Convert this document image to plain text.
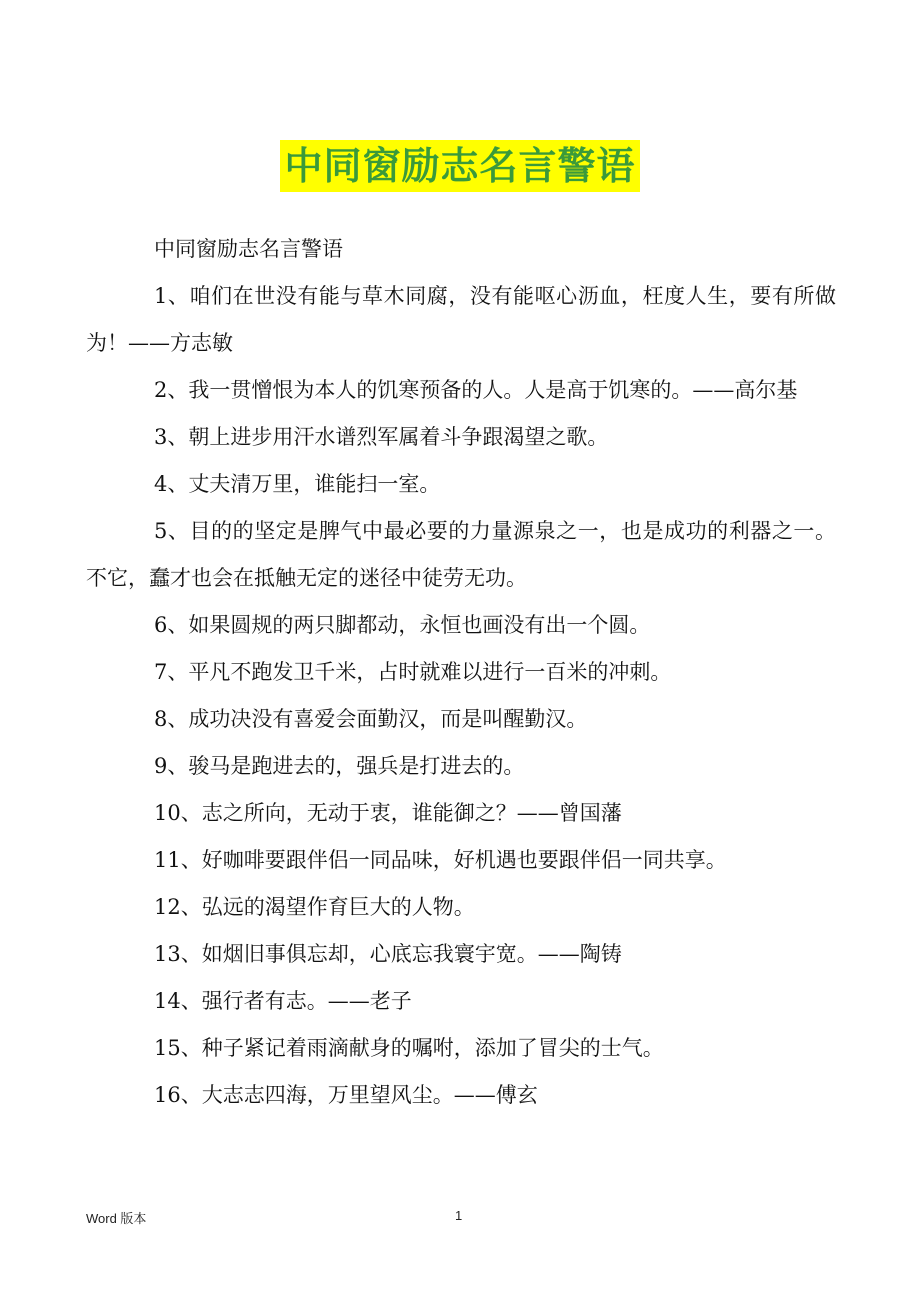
中同窗励志名言警语

中同窗励志名言警语

1、咱们在世没有能与草木同腐，没有能呕心沥血，枉度人生，要有所做为！——方志敏

2、我一贯憎恨为本人的饥寒预备的人。人是高于饥寒的。——高尔基

3、朝上进步用汗水谱烈军属着斗争跟渴望之歌。

4、丈夫清万里，谁能扫一室。

5、目的的坚定是脾气中最必要的力量源泉之一，也是成功的利器之一。不它，蠢才也会在抵触无定的迷径中徒劳无功。

6、如果圆规的两只脚都动，永恒也画没有出一个圆。

7、平凡不跑发卫千米，占时就难以进行一百米的冲刺。

8、成功决没有喜爱会面勤汉，而是叫醒勤汉。

9、骏马是跑进去的，强兵是打进去的。

10、志之所向，无动于衷，谁能御之？——曾国藩

11、好咖啡要跟伴侣一同品味，好机遇也要跟伴侣一同共享。

12、弘远的渴望作育巨大的人物。

13、如烟旧事俱忘却，心底忘我寰宇宽。——陶铸

14、强行者有志。——老子

15、种子紧记着雨滴献身的嘱咐，添加了冒尖的士气。

16、大志志四海，万里望风尘。——傅玄

Word 版本	1
